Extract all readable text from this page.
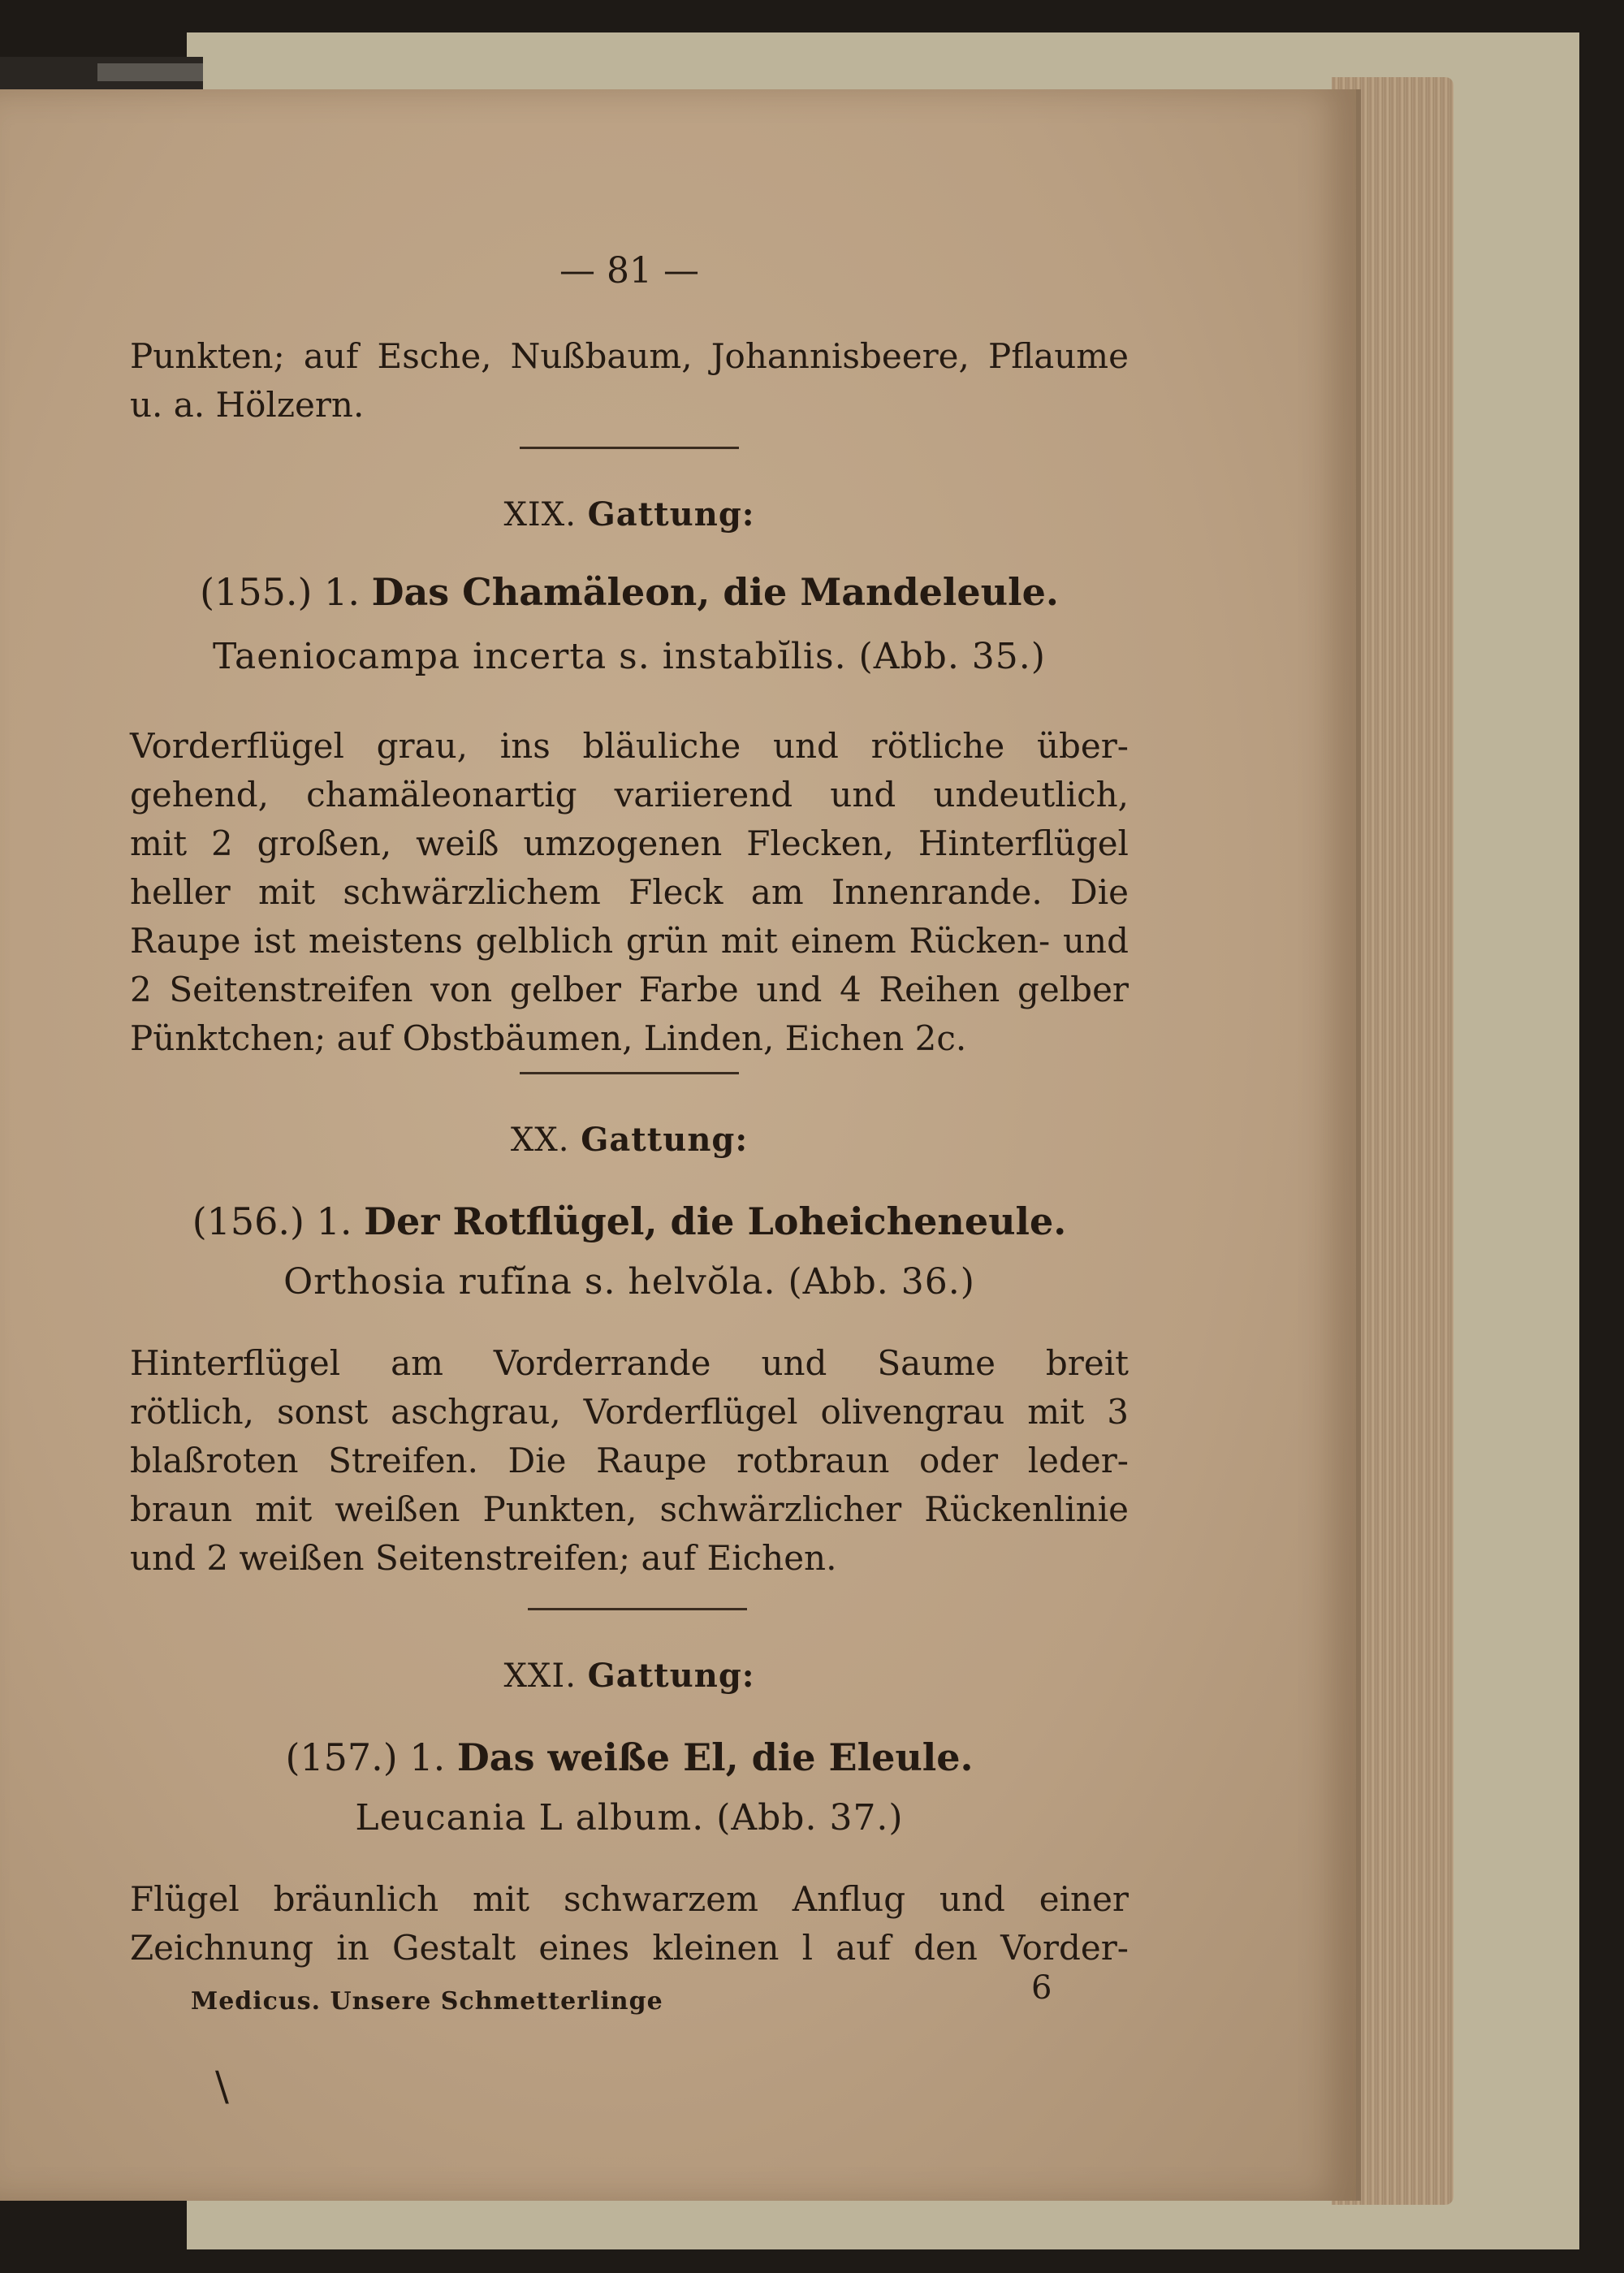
— 81 —
Punkten; auf Esche, Nußbaum, Johannisbeere, Pflaume
u. a. Hölzern.
XIX. Gattung:
(155.) 1. Das Chamäleon, die Mandeleule.
Taeniocampa incerta s. instabĭlis. (Abb. 35.)
Vorderflügel grau, ins bläuliche und rötliche über-
gehend, chamäleonartig variierend und undeutlich,
mit 2 großen, weiß umzogenen Flecken, Hinterflügel
heller mit schwärzlichem Fleck am Innenrande. Die
Raupe ist meistens gelblich grün mit einem Rücken- und
2 Seitenstreifen von gelber Farbe und 4 Reihen gelber
Pünktchen; auf Obstbäumen, Linden, Eichen 2c.
XX. Gattung:
(156.) 1. Der Rotflügel, die Loheicheneule.
Orthosia rufĭna s. helvŏla. (Abb. 36.)
Hinterflügel am Vorderrande und Saume breit
rötlich, sonst aschgrau, Vorderflügel olivengrau mit 3
blaßroten Streifen. Die Raupe rotbraun oder leder-
braun mit weißen Punkten, schwärzlicher Rückenlinie
und 2 weißen Seitenstreifen; auf Eichen.
XXI. Gattung:
(157.) 1. Das weiße El, die Eleule.
Leucania L album. (Abb. 37.)
Flügel bräunlich mit schwarzem Anflug und einer
Zeichnung in Gestalt eines kleinen l auf den Vorder-
Medicus. Unsere Schmetterlinge	6
\
